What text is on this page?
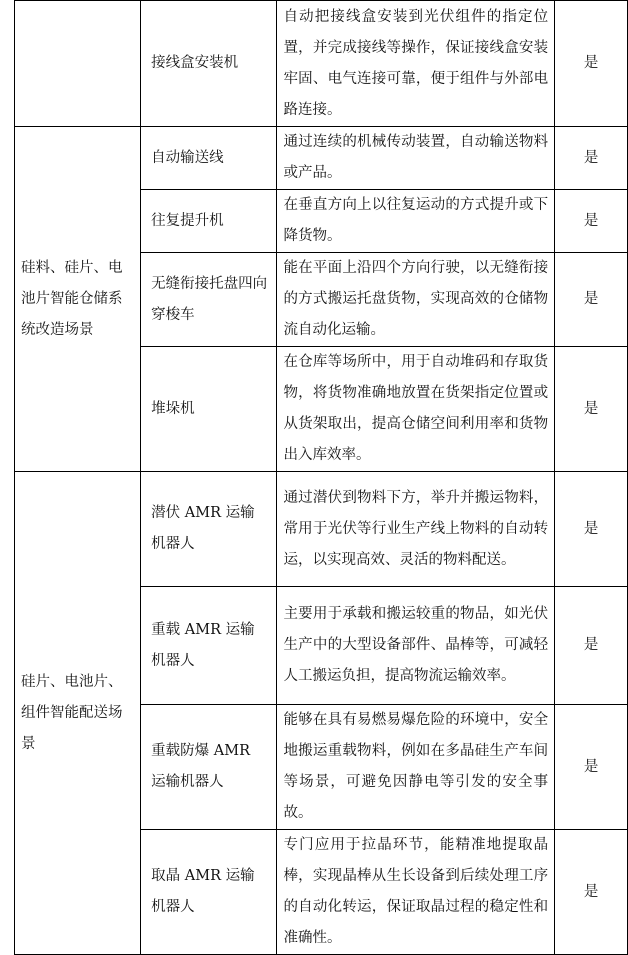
	接线盒安装机	自动把接线盒安装到光伏组件的指定位置，并完成接线等操作，保证接线盒安装牢固、电气连接可靠，便于组件与外部电路连接。	是
硅料、硅片、电池片智能仓储系统改造场景	自动输送线	通过连续的机械传动装置，自动输送物料或产品。	是
	往复提升机	在垂直方向上以往复运动的方式提升或下降货物。	是
	无缝衔接托盘四向穿梭车	能在平面上沿四个方向行驶，以无缝衔接的方式搬运托盘货物，实现高效的仓储物流自动化运输。	是
	堆垛机	在仓库等场所中，用于自动堆码和存取货物，将货物准确地放置在货架指定位置或从货架取出，提高仓储空间利用率和货物出入库效率。	是
硅片、电池片、组件智能配送场景	潜伏 AMR 运输机器人	通过潜伏到物料下方，举升并搬运物料，常用于光伏等行业生产线上物料的自动转运，以实现高效、灵活的物料配送。	是
	重载 AMR 运输机器人	主要用于承载和搬运较重的物品，如光伏生产中的大型设备部件、晶棒等，可减轻人工搬运负担，提高物流运输效率。	是
	重载防爆 AMR 运输机器人	能够在具有易燃易爆危险的环境中，安全地搬运重载物料，例如在多晶硅生产车间等场景，可避免因静电等引发的安全事故。	是
	取晶 AMR 运输机器人	专门应用于拉晶环节，能精准地提取晶棒，实现晶棒从生长设备到后续处理工序的自动化转运，保证取晶过程的稳定性和准确性。	是
